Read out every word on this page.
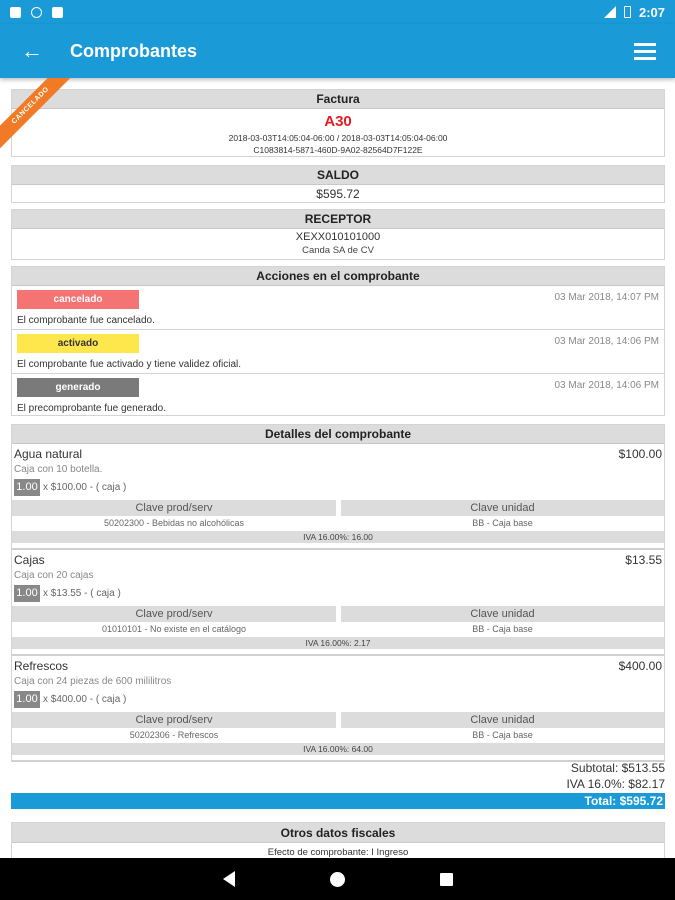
2:07
←	Comprobantes
CANCELADO	Factura
A30
2018-03-03T14:05:04-06:00 / 2018-03-03T14:05:04-06:00
C1083814-5871-460D-9A02-82564D7F122E
SALDO
$595.72
RECEPTOR
XEXX010101000
Canda SA de CV
Acciones en el comprobante
cancelado	03 Mar 2018, 14:07 PM
El comprobante fue cancelado.
activado	03 Mar 2018, 14:06 PM
El comprobante fue activado y tiene validez oficial.
generado	03 Mar 2018, 14:06 PM
El precomprobante fue generado.
Detalles del comprobante
Agua natural	$100.00
Caja con 10 botella.
1.00 x $100.00 - ( caja )
Clave prod/serv	Clave unidad
50202300 - Bebidas no alcohólicas	BB - Caja base
IVA 16.00%: 16.00
Cajas	$13.55
Caja con 20 cajas
1.00 x $13.55 - ( caja )
Clave prod/serv	Clave unidad
01010101 - No existe en el catálogo	BB - Caja base
IVA 16.00%: 2.17
Refrescos	$400.00
Caja con 24 piezas de 600 mililitros
1.00 x $400.00 - ( caja )
Clave prod/serv	Clave unidad
50202306 - Refrescos	BB - Caja base
IVA 16.00%: 64.00
Subtotal: $513.55
IVA 16.0%: $82.17
Total: $595.72
Otros datos fiscales
Efecto de comprobante: I Ingreso
